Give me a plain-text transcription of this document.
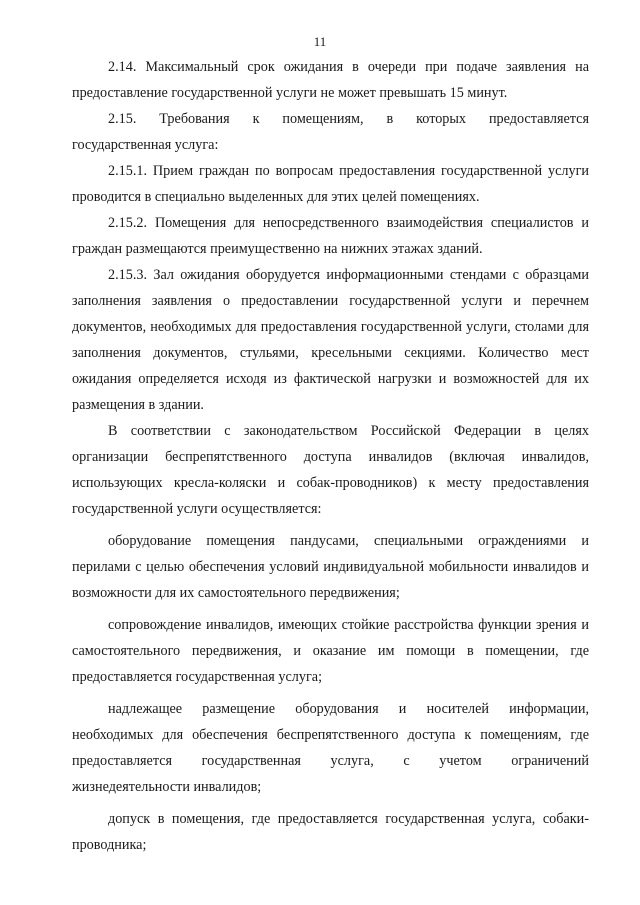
11

2.14. Максимальный срок ожидания в очереди при подаче заявления на предоставление государственной услуги не может превышать 15 минут.

2.15. Требования к помещениям, в которых предоставляется
государственная услуга:

2.15.1. Прием граждан по вопросам предоставления государственной услуги проводится в специально выделенных для этих целей помещениях.

2.15.2. Помещения для непосредственного взаимодействия специалистов и граждан размещаются преимущественно на нижних этажах зданий.

2.15.3. Зал ожидания оборудуется информационными стендами с образцами заполнения заявления о предоставлении государственной услуги и перечнем документов, необходимых для предоставления государственной услуги, столами для заполнения документов, стульями, кресельными секциями. Количество мест ожидания определяется исходя из фактической нагрузки и возможностей для их размещения в здании.

В соответствии с законодательством Российской Федерации в целях организации беспрепятственного доступа инвалидов (включая инвалидов, использующих кресла-коляски и собак-проводников) к месту предоставления государственной услуги осуществляется:

оборудование помещения пандусами, специальными ограждениями и перилами с целью обеспечения условий индивидуальной мобильности инвалидов и возможности для их самостоятельного передвижения;

сопровождение инвалидов, имеющих стойкие расстройства функции зрения и самостоятельного передвижения, и оказание им помощи в помещении, где предоставляется государственная услуга;

надлежащее размещение оборудования и носителей информации, необходимых для обеспечения беспрепятственного доступа к помещениям, где

предоставляется государственная услуга, с учетом ограничений
жизнедеятельности инвалидов;

допуск в помещения, где предоставляется государственная услуга, собаки-проводника;
